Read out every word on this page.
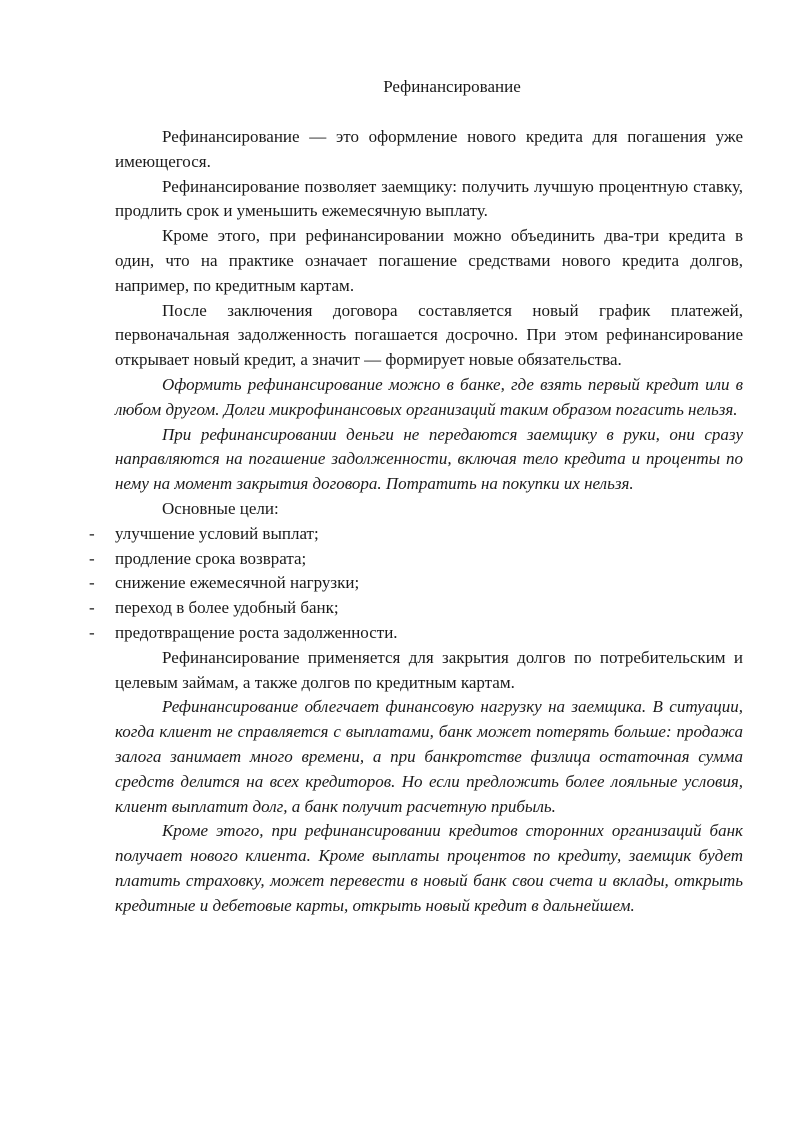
Рефинансирование

Рефинансирование — это оформление нового кредита для погашения уже имеющегося.

Рефинансирование позволяет заемщику: получить лучшую процентную ставку, продлить срок и уменьшить ежемесячную выплату.

Кроме этого, при рефинансировании можно объединить два-три кредита в один, что на практике означает погашение средствами нового кредита долгов, например, по кредитным картам.

После заключения договора составляется новый график платежей, первоначальная задолженность погашается досрочно. При этом рефинансирование открывает новый кредит, а значит — формирует новые обязательства.

Оформить рефинансирование можно в банке, где взять первый кредит или в любом другом. Долги микрофинансовых организаций таким образом погасить нельзя.

При рефинансировании деньги не передаются заемщику в руки, они сразу направляются на погашение задолженности, включая тело кредита и проценты по нему на момент закрытия договора. Потратить на покупки их нельзя.

Основные цели:

- улучшение условий выплат;
- продление срока возврата;
- снижение ежемесячной нагрузки;
- переход в более удобный банк;
- предотвращение роста задолженности.

Рефинансирование применяется для закрытия долгов по потребительским и целевым займам, а также долгов по кредитным картам.

Рефинансирование облегчает финансовую нагрузку на заемщика. В ситуации, когда клиент не справляется с выплатами, банк может потерять больше: продажа залога занимает много времени, а при банкротстве физлица остаточная сумма средств делится на всех кредиторов. Но если предложить более лояльные условия, клиент выплатит долг, а банк получит расчетную прибыль.

Кроме этого, при рефинансировании кредитов сторонних организаций банк получает нового клиента. Кроме выплаты процентов по кредиту, заемщик будет платить страховку, может перевести в новый банк свои счета и вклады, открыть кредитные и дебетовые карты, открыть новый кредит в дальнейшем.
